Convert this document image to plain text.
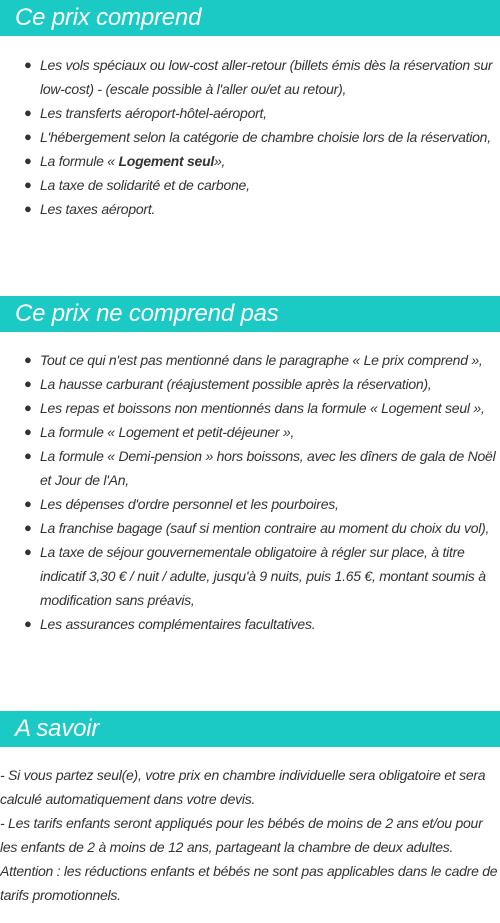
Ce prix comprend
● Les vols spéciaux ou low-cost aller-retour (billets émis dès la réservation sur low-cost) - (escale possible à l'aller ou/et au retour),
● Les transferts aéroport-hôtel-aéroport,
● L'hébergement selon la catégorie de chambre choisie lors de la réservation,
● La formule « Logement seul»,
● La taxe de solidarité et de carbone,
● Les taxes aéroport.
Ce prix ne comprend pas
● Tout ce qui n'est pas mentionné dans le paragraphe « Le prix comprend »,
● La hausse carburant (réajustement possible après la réservation),
● Les repas et boissons non mentionnés dans la formule « Logement seul »,
● La formule « Logement et petit-déjeuner »,
● La formule « Demi-pension » hors boissons, avec les dîners de gala de Noël et Jour de l'An,
● Les dépenses d'ordre personnel et les pourboires,
● La franchise bagage (sauf si mention contraire au moment du choix du vol),
● La taxe de séjour gouvernementale obligatoire à régler sur place, à titre indicatif 3,30 € / nuit / adulte, jusqu'à 9 nuits, puis 1.65 €, montant soumis à modification sans préavis,
● Les assurances complémentaires facultatives.
A savoir

- Si vous partez seul(e), votre prix en chambre individuelle sera obligatoire et sera calculé automatiquement dans votre devis.

- Les tarifs enfants seront appliqués pour les bébés de moins de 2 ans et/ou pour les enfants de 2 à moins de 12 ans, partageant la chambre de deux adultes.

Attention : les réductions enfants et bébés ne sont pas applicables dans le cadre de tarifs promotionnels.
